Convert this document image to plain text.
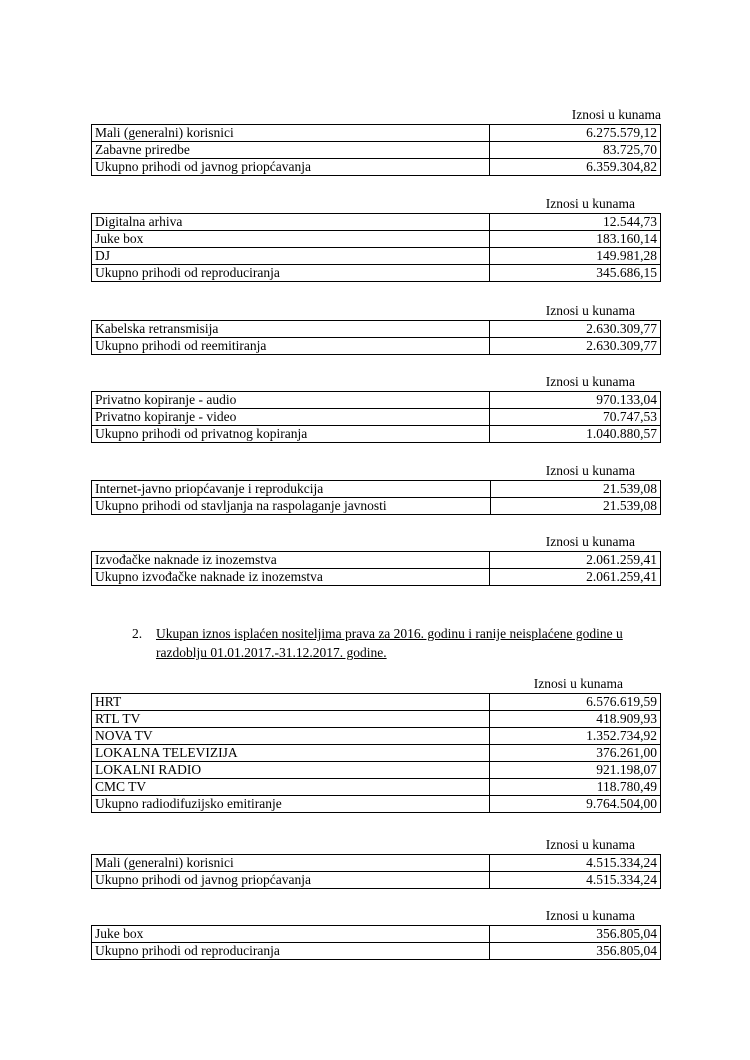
Iznosi u kunama
Mali (generalni) korisnici	6.275.579,12
Zabavne priredbe	83.725,70
Ukupno prihodi od javnog priopćavanja	6.359.304,82
Iznosi u kunama
Digitalna arhiva	12.544,73
Juke box	183.160,14
DJ	149.981,28
Ukupno prihodi od reproduciranja	345.686,15
Iznosi u kunama
Kabelska retransmisija	2.630.309,77
Ukupno prihodi od reemitiranja	2.630.309,77
Iznosi u kunama
Privatno kopiranje - audio	970.133,04
Privatno kopiranje - video	70.747,53
Ukupno prihodi od privatnog kopiranja	1.040.880,57
Iznosi u kunama
Internet-javno priopćavanje i reprodukcija	21.539,08
Ukupno prihodi od stavljanja na raspolaganje javnosti	21.539,08
Iznosi u kunama
Izvođačke naknade iz inozemstva	2.061.259,41
Ukupno izvođačke naknade iz inozemstva	2.061.259,41
2. Ukupan iznos isplaćen nositeljima prava za 2016. godinu i ranije neisplaćene godine u razdoblju 01.01.2017.-31.12.2017. godine.
Iznosi u kunama
HRT	6.576.619,59
RTL TV	418.909,93
NOVA TV	1.352.734,92
LOKALNA TELEVIZIJA	376.261,00
LOKALNI RADIO	921.198,07
CMC TV	118.780,49
Ukupno radiodifuzijsko emitiranje	9.764.504,00
Iznosi u kunama
Mali (generalni) korisnici	4.515.334,24
Ukupno prihodi od javnog priopćavanja	4.515.334,24
Iznosi u kunama
Juke box	356.805,04
Ukupno prihodi od reproduciranja	356.805,04
